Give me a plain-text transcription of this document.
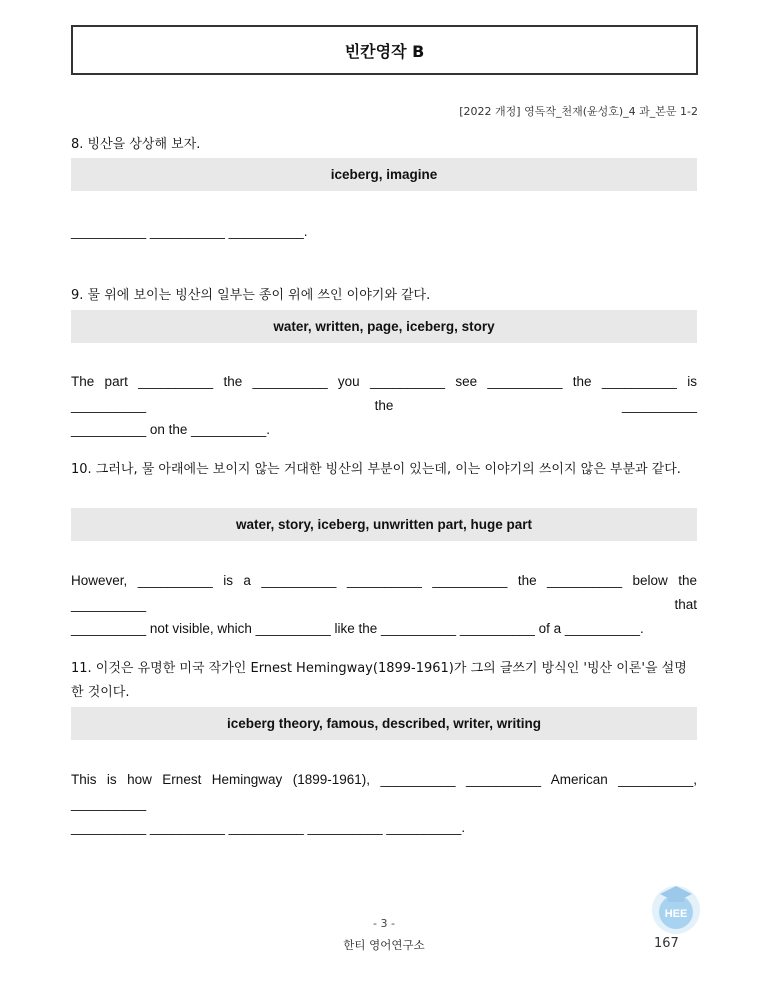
빈칸영작 B
[2022 개정] 영독작_천재(윤성호)_4 과_본문 1-2
8. 빙산을 상상해 보자.
iceberg, imagine
__________ __________ __________.
9. 물 위에 보이는 빙산의 일부는 종이 위에 쓰인 이야기와 같다.
water, written, page, iceberg, story
The part __________ the __________ you __________ see __________ the __________ is __________ the __________
__________ on the __________.
10. 그러나, 물 아래에는 보이지 않는 거대한 빙산의 부분이 있는데, 이는 이야기의 쓰이지 않은 부분과 같다.
water, story, iceberg, unwritten part, huge part
However, __________ is a __________ __________ __________ the __________ below the __________ that
__________ not visible, which __________ like the __________ __________ of a __________.
11. 이것은 유명한 미국 작가인 Ernest Hemingway(1899-1961)가 그의 글쓰기 방식인 '빙산 이론'을 설명한 것이다.
iceberg theory, famous, described, writer, writing
This is how Ernest Hemingway (1899-1961), __________ __________ American __________, __________
__________ __________ __________ __________ __________.
- 3 -
한티 영어연구소
HEE
167
